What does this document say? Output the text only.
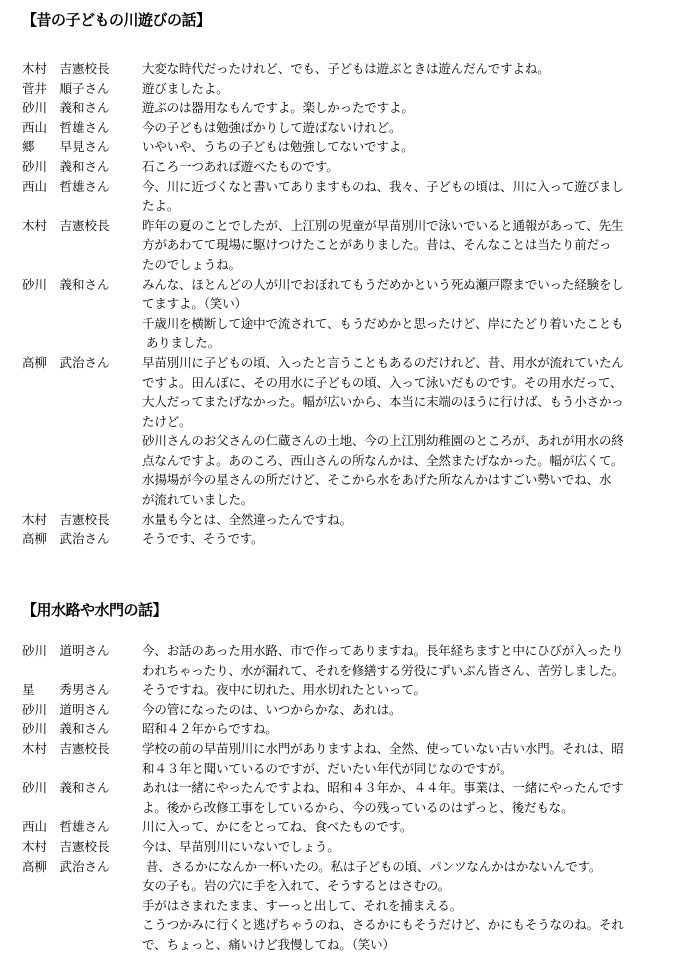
【昔の子どもの川遊びの話】
木村　吉憲校長	大変な時代だったけれど、でも、子どもは遊ぶときは遊んだんですよね。
菅井　順子さん	遊びましたよ。
砂川　義和さん	遊ぶのは器用なもんですよ。楽しかったですよ。
西山　哲雄さん	今の子どもは勉強ばかりして遊ばないけれど。
郷　　早見さん	いやいや、うちの子どもは勉強してないですよ。
砂川　義和さん	石ころ一つあれば遊べたものです。
西山　哲雄さん	今、川に近づくなと書いてありますものね、我々、子どもの頃は、川に入って遊びまし
たよ。
木村　吉憲校長	昨年の夏のことでしたが、上江別の児童が早苗別川で泳いでいると通報があって、先生
方があわてて現場に駆けつけたことがありました。昔は、そんなことは当たり前だっ
たのでしょうね。
砂川　義和さん	みんな、ほとんどの人が川でおぼれてもうだめかという死ぬ瀬戸際までいった経験をし
てますよ。（笑い）
千歳川を横断して途中で流されて、もうだめかと思ったけど、岸にたどり着いたことも
ありました。
高柳　武治さん	早苗別川に子どもの頃、入ったと言うこともあるのだけれど、昔、用水が流れていたん
ですよ。田んぼに、その用水に子どもの頃、入って泳いだものです。その用水だって、
大人だってまたげなかった。幅が広いから、本当に末端のほうに行けば、もう小さかっ
たけど。
砂川さんのお父さんの仁蔵さんの土地、今の上江別幼稚園のところが、あれが用水の終
点なんですよ。あのころ、西山さんの所なんかは、全然またげなかった。幅が広くて。
水揚場が今の星さんの所だけど、そこから水をあげた所なんかはすごい勢いでね、水
が流れていました。
木村　吉憲校長	水量も今とは、全然違ったんですね。
高柳　武治さん	そうです、そうです。
【用水路や水門の話】
砂川　道明さん	今、お話のあった用水路、市で作ってありますね。長年経ちますと中にひびが入ったり
われちゃったり、水が漏れて、それを修繕する労役にずいぶん皆さん、苦労しました。
星　　秀男さん	そうですね。夜中に切れた、用水切れたといって。
砂川　道明さん	今の管になったのは、いつからかな、あれは。
砂川　義和さん	昭和４２年からですね。
木村　吉憲校長	学校の前の早苗別川に水門がありますよね、全然、使っていない古い水門。それは、昭
和４３年と聞いているのですが、だいたい年代が同じなのですが。
砂川　義和さん	あれは一緒にやったんですよね、昭和４３年か、４４年。事業は、一緒にやったんです
よ。後から改修工事をしているから、今の残っているのはずっと、後だもな。
西山　哲雄さん	川に入って、かにをとってね、食べたものです。
木村　吉憲校長	今は、早苗別川にいないでしょう。
高柳　武治さん	昔、さるかになんか一杯いたの。私は子どもの頃、パンツなんかはかないんです。
女の子も。岩の穴に手を入れて、そうするとはさむの。
手がはさまれたまま、すーっと出して、それを捕まえる。
こうつかみに行くと逃げちゃうのね、さるかにもそうだけど、かにもそうなのね。それ
で、ちょっと、痛いけど我慢してね。（笑い）
